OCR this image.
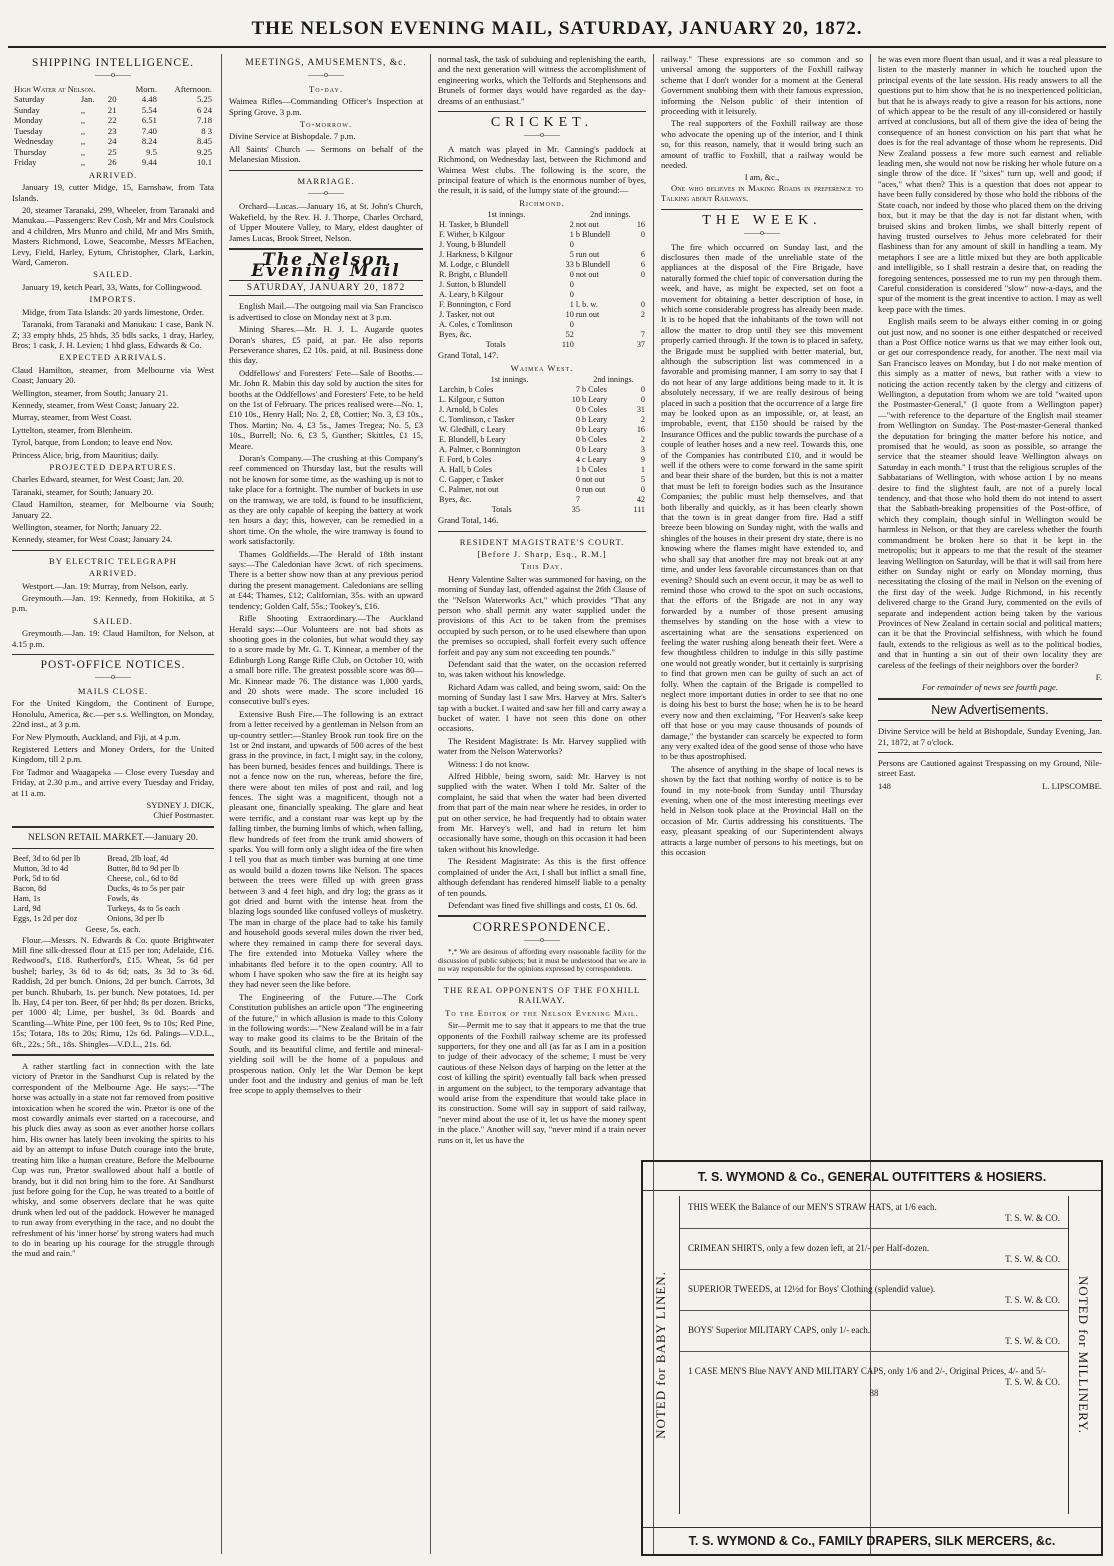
THE NELSON EVENING MAIL, SATURDAY, JANUARY 20, 1872.
SHIPPING INTELLIGENCE.
——o——
High Water at Nelson.			Morn.	Afternoon.
Saturday	Jan.	20	4.48	5.25
Sunday	,,	21	5.54	6 24
Monday	,,	22	6.51	7.18
Tuesday	,,	23	7.40	8 3
Wednesday	,,	24	8.24	8.45
Thursday	,,	25	9.5	9.25
Friday	,,	26	9.44	10.1
ARRIVED.

January 19, cutter Midge, 15, Earnshaw, from Tata Islands.

20, steamer Taranaki, 299, Wheeler, from Taranaki and Manukau.—Passengers: Rev Cosh, Mr and Mrs Coulstock and 4 children, Mrs Munro and child, Mr and Mrs Smith, Masters Richmond, Lowe, Seacombe, Messrs M'Eachen, Levy, Field, Harley, Eytum, Christopher, Clark, Larkin, Ward, Cameron.

SAILED.

January 19, ketch Pearl, 33, Watts, for Collingwood.

IMPORTS.

Midge, from Tata Islands: 20 yards limestone, Order.

Taranaki, from Taranaki and Manukau: 1 case, Bank N. Z; 33 empty hhds, 25 hhds, 35 bdls sacks, 1 dray, Harley, Bros; 1 cask, J. H. Levien; 1 hhd glass, Edwards & Co.

EXPECTED ARRIVALS.

Claud Hamilton, steamer, from Melbourne via West Coast; January 20.

Wellington, steamer, from South; January 21.

Kennedy, steamer, from West Coast; January 22.

Murray, steamer, from West Coast.

Lyttelton, steamer, from Blenheim.

Tyrol, barque, from London; to leave end Nov.

Princess Alice, brig, from Mauritius; daily.

PROJECTED DEPARTURES.

Charles Edward, steamer, for West Coast; Jan. 20.

Taranaki, steamer, for South; January 20.

Claud Hamilton, steamer, for Melbourne via South; January 22.

Wellington, steamer, for North; January 22.

Kennedy, steamer, for West Coast; January 24.

BY ELECTRIC TELEGRAPH
ARRIVED.

Westport.—Jan. 19: Murray, from Nelson, early.

Greymouth.—Jan. 19: Kennedy, from Hokitika, at 5 p.m.

SAILED.

Greymouth.—Jan. 19: Claud Hamilton, for Nelson, at 4.15 p.m.

POST-OFFICE NOTICES.
——o——
MAILS CLOSE.

For the United Kingdom, the Continent of Europe, Honolulu, America, &c.—per s.s. Wellington, on Monday, 22nd inst., at 3 p.m.

For New Plymouth, Auckland, and Fiji, at 4 p.m.

Registered Letters and Money Orders, for the United Kingdom, till 2 p.m.

For Tadmor and Waagapeka — Close every Tuesday and Friday, at 2.30 p.m., and arrive every Tuesday and Friday, at 11 a.m.

SYDNEY J. DICK,
Chief Postmaster.
NELSON RETAIL MARKET.—January 20.
Beef, 3d to 6d per lb	Bread, 2lb loaf, 4d
Mutton, 3d to 4d	Butter, 8d to 9d per lb
Pork, 5d to 6d	Cheese, col., 6d to 8d
Bacon, 8d	Ducks, 4s to 5s per pair
Ham, 1s	Fowls, 4s
Lard, 9d	Turkeys, 4s to 5s each
Eggs, 1s 2d per doz	Onions, 3d per lb
Geese, 5s. each.

Flour.—Messrs. N. Edwards & Co. quote Brightwater Mill fine silk-dressed flour at £15 per ton; Adelaide, £16. Redwood's, £18. Rutherford's, £15. Wheat, 5s 6d per bushel; barley, 3s 6d to 4s 6d; oats, 3s 3d to 3s 6d. Raddish, 2d per bunch. Onions, 2d per bunch. Carrots, 3d per bunch. Rhubarb, 1s. per bunch. New potatoes, 1d. per lb. Hay, £4 per ton. Beer, 6f per hhd; 8s per dozen. Bricks, per 1000 4l; Lime, per bushel, 3s 0d. Boards and Scantling—White Pine, per 100 feet, 9s to 10s; Red Pine, 15s; Totara, 18s to 20s; Rimu, 12s 6d. Palings—V.D.L., 6ft., 22s.; 5ft., 18s. Shingles—V.D.L., 21s. 6d.

A rather startling fact in connection with the late victory of Prætor in the Sandhurst Cup is related by the correspondent of the Melbourne Age. He says:—"The horse was actually in a state not far removed from positive intoxication when he scored the win. Prætor is one of the most cowardly animals ever started on a racecourse, and his pluck dies away as soon as ever another horse collars him. His owner has lately been invoking the spirits to his aid by an attempt to infuse Dutch courage into the brute, treating him like a human creature. Before the Melbourne Cup was run, Prætor swallowed about half a bottle of brandy, but it did not bring him to the fore. At Sandhurst just before going for the Cup, he was treated to a bottle of whisky, and some observers declare that he was quite drunk when led out of the paddock. However he managed to run away from everything in the race, and no doubt the refreshment of his 'inner horse' by strong waters had much to do in bearing up his courage for the struggle through the mud and rain."

MEETINGS, AMUSEMENTS, &c.
——o——
To-day.

Waimea Rifles—Commanding Officer's Inspection at Spring Grove. 3 p.m.

To-morrow.

Divine Service at Bishopdale. 7 p.m.

All Saints' Church — Sermons on behalf of the Melanesian Mission.

MARRIAGE.
——o——

Orchard—Lucas.—January 16, at St. John's Church, Wakefield, by the Rev. H. J. Thorpe, Charles Orchard, of Upper Moutere Valley, to Mary, eldest daughter of James Lucas, Brook Street, Nelson.

The Nelson Evening Mail
SATURDAY, JANUARY 20, 1872

English Mail.—The outgoing mail via San Francisco is advertised to close on Monday next at 3 p.m.

Mining Shares.—Mr. H. J. L. Augarde quotes Doran's shares, £5 paid, at par. He also reports Perseverance shares, £2 10s. paid, at nil. Business done this day.

Oddfellows' and Foresters' Fete—Sale of Booths.—Mr. John R. Mabin this day sold by auction the sites for booths at the Oddfellows' and Foresters' Fete, to be held on the 1st of February. The prices realised were—No. 1, £10 10s., Henry Hall; No. 2, £8, Cottier; No. 3, £3 10s., Thos. Martin; No. 4, £3 5s., James Tregea; No. 5, £3 10s., Burrell; No. 6, £3 5, Gunther; Skittles, £1 15, Meare.

Doran's Company.—The crushing at this Company's reef commenced on Thursday last, but the results will not be known for some time, as the washing up is not to take place for a fortnight. The number of buckets in use on the tramway, we are told, is found to be insufficient, as they are only capable of keeping the battery at work ten hours a day; this, however, can be remedied in a short time. On the whole, the wire tramway is found to work satisfactorily.

Thames Goldfields.—The Herald of 18th instant says:—The Caledonian have 3cwt. of rich specimens. There is a better show now than at any previous period during the present management. Caledonians are selling at £44; Thames, £12; Californian, 35s. with an upward tendency; Golden Calf, 55s.; Tookey's, £16.

Rifle Shooting Extraordinary.—The Auckland Herald says:—Our Volunteers are not bad shots as shooting goes in the colonies, but what would they say to a score made by Mr. G. T. Kinnear, a member of the Edinburgh Long Range Rifle Club, on October 10, with a small bore rifle. The greatest possible score was 80—Mr. Kinnear made 76. The distance was 1,000 yards, and 20 shots were made. The score included 16 consecutive bull's eyes.

Extensive Bush Fire.—The following is an extract from a letter received by a gentleman in Nelson from an up-country settler:—Stanley Brook run took fire on the 1st or 2nd instant, and upwards of 500 acres of the best grass in the province, in fact, I might say, in the colony, has been burned, besides fences and buildings. There is not a fence now on the run, whereas, before the fire, there were about ten miles of post and rail, and log fences. The sight was a magnificent, though not a pleasant one, financially speaking. The glare and heat were terrific, and a constant roar was kept up by the falling timber, the burning limbs of which, when falling, flew hundreds of feet from the trunk amid showers of sparks. You will form only a slight idea of the fire when I tell you that as much timber was burning at one time as would build a dozen towns like Nelson. The spaces between the trees were filled up with green grass between 3 and 4 feet high, and dry log; the grass as it got dried and burnt with the intense heat from the blazing logs sounded like confused volleys of musketry. The man in charge of the place had to take his family and household goods several miles down the river bed, where they remained in camp there for several days. The fire extended into Motueka Valley where the inhabitants fled before it to the open country. All to whom I have spoken who saw the fire at its height say they had never seen the like before.

The Engineering of the Future.—The Cork Constitution publishes an article upon "The engineering of the future," in which allusion is made to this Colony in the following words:—"New Zealand will be in a fair way to make good its claims to be the Britain of the South, and its beautiful clime, and fertile and mineral-yielding soil will be the home of a populous and prosperous nation. Only let the War Demon be kept under foot and the industry and genius of man be left free scope to apply themselves to their

normal task, the task of subduing and replenishing the earth, and the next generation will witness the accomplishment of engineering works, which the Telfords and Stephensons and Brunels of former days would have regarded as the day-dreams of an enthusiast."

CRICKET.
——o——

A match was played in Mr. Canning's paddock at Richmond, on Wednesday last, between the Richmond and Waimea West clubs. The following is the score, the principal feature of which is the enormous number of byes, the result, it is said, of the lumpy state of the ground:—

Richmond.
1st innings.		2nd innings.	
H. Tasker, b Blundell	2	not out	16
F. Wither, b Kilgour	1	b Blundell	0
J. Young, b Blundell	0		
J. Harkness, b Kilgour	5	run out	6
M. Lodge, c Blundell	33	b Blundell	6
R. Bright, c Blundell	0	not out	0
J. Sutton, b Blundell	0		
A. Leary, b Kilgour	0		
F. Bonnington, c Ford	1	l. b. w.	0
J. Tasker, not out	10	run out	2
A. Coles, c Tomlinson	0		
Byes, &c.	52		7
Totals	110		37

Grand Total, 147.

Waimea West.
1st innings.		2nd innings.	
Larchin, b Coles	7	b Coles	0
L. Kilgour, c Sutton	10	b Leary	0
J. Arnold, b Coles	0	b Coles	31
C. Tomlinson, c Tasker	0	b Leary	2
W. Gledhill, c Leary	0	b Leary	16
E. Blundell, b Leary	0	b Coles	2
A. Palmer, c Bonnington	0	b Leary	3
F. Ford, b Coles	4	c Leary	9
A. Hall, b Coles	1	b Coles	1
C. Gapper, c Tasker	0	not out	5
C. Palmer, not out	0	run out	0
Byes, &c.	7		42
Totals	35		111

Grand Total, 146.

RESIDENT MAGISTRATE'S COURT.
[Before J. Sharp, Esq., R.M.]
This Day.

Henry Valentine Salter was summoned for having, on the morning of Sunday last, offended against the 26th Clause of the "Nelson Waterworks Act," which provides "That any person who shall permit any water supplied under the provisions of this Act to be taken from the premises occupied by such person, or to be used elsewhere than upon the premises so occupied, shall forfeit every such offence forfeit and pay any sum not exceeding ten pounds."

Defendant said that the water, on the occasion referred to, was taken without his knowledge.

Richard Adam was called, and being sworn, said: On the morning of Sunday last I saw Mrs. Harvey at Mrs. Salter's tap with a bucket. I waited and saw her fill and carry away a bucket of water. I have not seen this done on other occasions.

The Resident Magistrate: Is Mr. Harvey supplied with water from the Nelson Waterworks?

Witness: I do not know.

Alfred Hibble, being sworn, said: Mr. Harvey is not supplied with the water. When I told Mr. Salter of the complaint, he said that when the water had been diverted from that part of the main near where he resides, in order to put on other service, he had frequently had to obtain water from Mr. Harvey's well, and had in return let him occasionally have some, though on this occasion it had been taken without his knowledge.

The Resident Magistrate: As this is the first offence complained of under the Act, I shall but inflict a small fine, although defendant has rendered himself liable to a penalty of ten pounds.

Defendant was fined five shillings and costs, £1 0s. 6d.

CORRESPONDENCE.
——o——

*,* We are desirous of affording every reasonable facility for the discussion of public subjects; but it must be understood that we are in no way responsible for the opinions expressed by correspondents.

THE REAL OPPONENTS OF THE FOXHILL RAILWAY.
To the Editor of the Nelson Evening Mail.

Sir—Permit me to say that it appears to me that the true opponents of the Foxhill railway scheme are its professed supporters, for they one and all (as far as I am in a position to judge of their advocacy of the scheme; I must be very cautious of these Nelson days of harping on the letter at the cost of killing the spirit) eventually fall back when pressed in argument on the subject, to the temporary advantage that would arise from the expenditure that would take place in its construction. Some will say in support of said railway, "never mind about the use of it, let us have the money spent in the place." Another will say, "never mind if a train never runs on it, let us have the

railway." These expressions are so common and so universal among the supporters of the Foxhill railway scheme that I don't wonder for a moment at the General Government snubbing them with their famous expression, informing the Nelson public of their intention of proceeding with it leisurely.

The real supporters of the Foxhill railway are those who advocate the opening up of the interior, and I think so, for this reason, namely, that it would bring such an amount of traffic to Foxhill, that a railway would be needed.

I am, &c.,

One who believes in Making Roads in preference to Talking about Railways.

THE WEEK.
——o——

The fire which occurred on Sunday last, and the disclosures then made of the unreliable state of the appliances at the disposal of the Fire Brigade, have naturally formed the chief topic of conversation during the week, and have, as might be expected, set on foot a movement for obtaining a better description of hose, in which some considerable progress has already been made. It is to be hoped that the inhabitants of the town will not allow the matter to drop until they see this movement properly carried through. If the town is to placed in safety, the Brigade must be supplied with better material, but, although the subscription list was commenced in a favorable and promising manner, I am sorry to say that I do not hear of any large additions being made to it. It is absolutely necessary, if we are really desirous of being placed in such a position that the occurrence of a large fire may be looked upon as an impossible, or, at least, an improbable, event, that £150 should be raised by the Insurance Offices and the public towards the purchase of a couple of leather hoses and a new reel. Towards this, one of the Companies has contributed £10, and it would be well if the others were to come forward in the same spirit and bear their share of the burden, but this is not a matter that must be left to foreign bodies such as the Insurance Companies; the public must help themselves, and that both liberally and quickly, as it has been clearly shown that the town is in great danger from fire. Had a stiff breeze been blowing on Sunday night, with the walls and shingles of the houses in their present dry state, there is no knowing where the flames might have extended to, and who shall say that another fire may not break out at any time, and under less favorable circumstances than on that evening? Should such an event occur, it may be as well to remind those who crowd to the spot on such occasions, that the efforts of the Brigade are not in any way forwarded by a number of those present amusing themselves by standing on the hose with a view to ascertaining what are the sensations experienced on feeling the water rushing along beneath their feet. Were a few thoughtless children to indulge in this silly pastime one would not greatly wonder, but it certainly is surprising to find that grown men can be guilty of such an act of folly. When the captain of the Brigade is compelled to neglect more important duties in order to see that no one is doing his best to burst the hose; when he is to be heard every now and then exclaiming, "For Heaven's sake keep off that hose or you may cause thousands of pounds of damage," the bystander can scarcely be expected to form any very exalted idea of the good sense of those who have to be thus apostrophised.

The absence of anything in the shape of local news is shown by the fact that nothing worthy of notice is to be found in my note-book from Sunday until Thursday evening, when one of the most interesting meetings ever held in Nelson took place at the Provincial Hall on the occasion of Mr. Curtis addressing his constituents. The easy, pleasant speaking of our Superintendent always attracts a large number of persons to his meetings, but on this occasion

he was even more fluent than usual, and it was a real pleasure to listen to the masterly manner in which he touched upon the principal events of the late session. His ready answers to all the questions put to him show that he is no inexperienced politician, but that he is always ready to give a reason for his actions, none of which appear to be the result of any ill-considered or hastily arrived at conclusions, but all of them give the idea of being the consequence of an honest conviction on his part that what he does is for the real advantage of those whom he represents. Did New Zealand possess a few more such earnest and reliable leading men, she would not now be risking her whole future on a single throw of the dice. If "sixes" turn up, well and good; if "aces," what then? This is a question that does not appear to have been fully considered by those who hold the ribbons of the State coach, nor indeed by those who placed them on the driving box, but it may be that the day is not far distant when, with bruised skins and broken limbs, we shall bitterly repent of having trusted ourselves to Jehus more celebrated for their flashiness than for any amount of skill in handling a team. My metaphors I see are a little mixed but they are both applicable and intelligible, so I shall restrain a desire that, on reading the foregoing sentences, possessed me to run my pen through them. Careful consideration is considered "slow" now-a-days, and the spur of the moment is the great incentive to action. I may as well keep pace with the times.

English mails seem to be always either coming in or going out just now, and no sooner is one either despatched or received than a Post Office notice warns us that we may either look out, or get our correspondence ready, for another. The next mail via San Francisco leaves on Monday, but I do not make mention of this simply as a matter of news, but rather with a view to noticing the action recently taken by the clergy and citizens of Wellington, a deputation from whom we are told "waited upon the Postmaster-General," (I quote from a Wellington paper)—"with reference to the departure of the English mail steamer from Wellington on Sunday. The Post-master-General thanked the deputation for bringing the matter before his notice, and promised that he would, as soon as possible, so arrange the service that the steamer should leave Wellington always on Saturday in each month." I trust that the religious scruples of the Sabbatarians of Wellington, with whose action I by no means desire to find the slightest fault, are not of a purely local tendency, and that those who hold them do not intend to assert that the Sabbath-breaking propensities of the Post-office, of which they complain, though sinful in Wellington would be harmless in Nelson, or that they are careless whether the fourth commandment be broken here so that it be kept in the metropolis; but it appears to me that the result of the steamer leaving Wellington on Saturday, will be that it will sail from here either on Sunday night or early on Monday morning, thus necessitating the closing of the mail in Nelson on the evening of the first day of the week. Judge Richmond, in his recently delivered charge to the Grand Jury, commented on the evils of separate and independent action being taken by the various Provinces of New Zealand in certain social and political matters; can it be that the Provincial selfishness, with which he found fault, extends to the religious as well as to the political bodies, and that in hunting a sin out of their own locality they are careless of the feelings of their neighbors over the border?

F.
For remainder of news see fourth page.
New Advertisements.

Divine Service will be held at Bishopdale, Sunday Evening, Jan. 21, 1872, at 7 o'clock.

Persons are Cautioned against Trespassing on my Ground, Nile-street East.

148	L. LIPSCOMBE.
T. S. WYMOND & Co., GENERAL OUTFITTERS & HOSIERS.
NOTED for BABY LINEN.	NOTED for MILLINERY.
THIS WEEK the Balance of our MEN'S STRAW HATS, at 1/6 each.
T. S. W. & CO.
CRIMEAN SHIRTS, only a few dozen left, at 21/- per Half-dozen.
T. S. W. & CO.
SUPERIOR TWEEDS, at 12½d for Boys' Clothing (splendid value).
T. S. W. & CO.
BOYS' Superior MILITARY CAPS, only 1/- each.
T. S. W. & CO.
1 CASE MEN'S Blue NAVY AND MILITARY CAPS, only 1/6 and 2/-, Original Prices, 4/- and 5/-
T. S. W. & CO.
88
T. S. WYMOND & Co., FAMILY DRAPERS, SILK MERCERS, &c.
